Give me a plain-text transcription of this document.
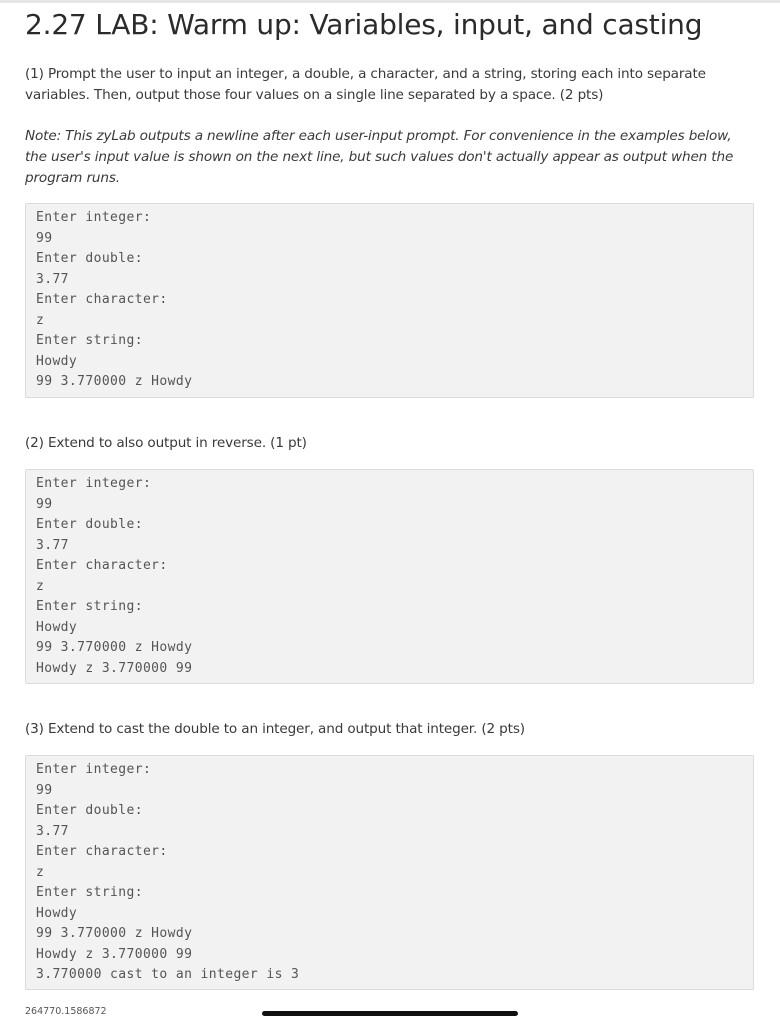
2.27 LAB: Warm up: Variables, input, and casting

(1) Prompt the user to input an integer, a double, a character, and a string, storing each into separate variables. Then, output those four values on a single line separated by a space. (2 pts)

Note: This zyLab outputs a newline after each user-input prompt. For convenience in the examples below, the user's input value is shown on the next line, but such values don't actually appear as output when the program runs.

Enter integer:
99
Enter double:
3.77
Enter character:
z
Enter string:
Howdy
99 3.770000 z Howdy

(2) Extend to also output in reverse. (1 pt)

Enter integer:
99
Enter double:
3.77
Enter character:
z
Enter string:
Howdy
99 3.770000 z Howdy
Howdy z 3.770000 99

(3) Extend to cast the double to an integer, and output that integer. (2 pts)

Enter integer:
99
Enter double:
3.77
Enter character:
z
Enter string:
Howdy
99 3.770000 z Howdy
Howdy z 3.770000 99
3.770000 cast to an integer is 3
264770.1586872
